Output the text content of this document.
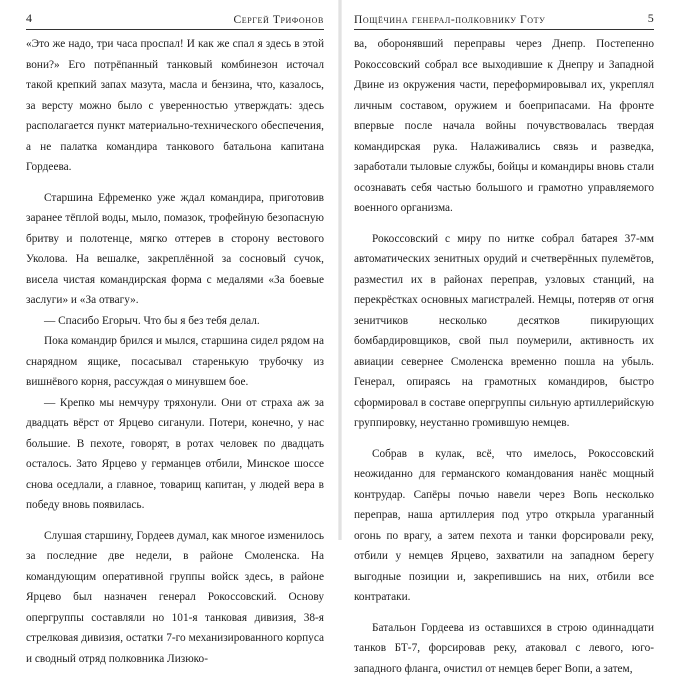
4	Сергей Трифонов

«Это же надо, три часа проспал! И как же спал я здесь в этой вони?» Его потрёпанный танковый комбинезон источал такой крепкий запах мазута, масла и бензина, что, казалось, за версту можно было с уверенностью утверждать: здесь располагается пункт материально-технического обеспечения, а не палатка командира танкового батальона капитана Гордеева.

Старшина Ефременко уже ждал командира, приготовив заранее тёплой воды, мыло, помазок, трофейную безопасную бритву и полотенце, мягко оттерев в сторону вестового Уколова. На вешалке, закреплённой за сосновый сучок, висела чистая командирская форма с медалями «За боевые заслуги» и «За отвагу».

— Спасибо Егорыч. Что бы я без тебя делал.

Пока командир брился и мылся, старшина сидел рядом на снарядном ящике, посасывал старенькую трубочку из вишнёвого корня, рассуждая о минувшем бое.

— Крепко мы немчуру тряхонули. Они от страха аж за двадцать вёрст от Ярцево сиганули. Потери, конечно, у нас большие. В пехоте, говорят, в ротах человек по двадцать осталось. Зато Ярцево у германцев отбили, Минское шоссе снова оседлали, а главное, товарищ капитан, у людей вера в победу вновь появилась.

Слушая старшину, Гордеев думал, как многое изменилось за последние две недели, в районе Смоленска. На командующим оперативной группы войск здесь, в районе Ярцево был назначен генерал Рокоссовский. Основу опергруппы составляли но 101-я танковая дивизия, 38-я стрелковая дивизия, остатки 7-го механизированного корпуса и сводный отряд полковника Лизюко-

Пощёчина генерал-полковнику Готу	5

ва, оборонявший переправы через Днепр. Постепенно Рокоссовский собрал все выходившие к Днепру и Западной Двине из окружения части, переформировывал их, укреплял личным составом, оружием и боеприпасами. На фронте впервые после начала войны почувствовалась твердая командирская рука. Налаживались связь и разведка, заработали тыловые службы, бойцы и командиры вновь стали осознавать себя частью большого и грамотно управляемого военного организма.

Рокоссовский с миру по нитке собрал батарея 37-мм автоматических зенитных орудий и счетверённых пулемётов, разместил их в районах переправ, узловых станций, на перекрёстках основных магистралей. Немцы, потеряв от огня зенитчиков несколько десятков пикирующих бомбардировщиков, свой пыл поумерили, активность их авиации севернее Смоленска временно пошла на убыль. Генерал, опираясь на грамотных командиров, быстро сформировал в составе опергруппы сильную артиллерийскую группировку, неустанно громившую немцев.

Собрав в кулак, всё, что имелось, Рокоссовский неожиданно для германского командования нанёс мощный контрудар. Сапёры почью навели через Вопь несколько переправ, наша артиллерия под утро открыла ураганный огонь по врагу, а затем пехота и танки форсировали реку, отбили у немцев Ярцево, захватили на западном берегу выгодные позиции и, закрепившись на них, отбили все контратаки.

Батальон Гордеева из оставшихся в строю одиннадцати танков БТ-7, форсировав реку, атаковал с левого, юго-западного фланга, очистил от немцев берег Вопи, а затем,
